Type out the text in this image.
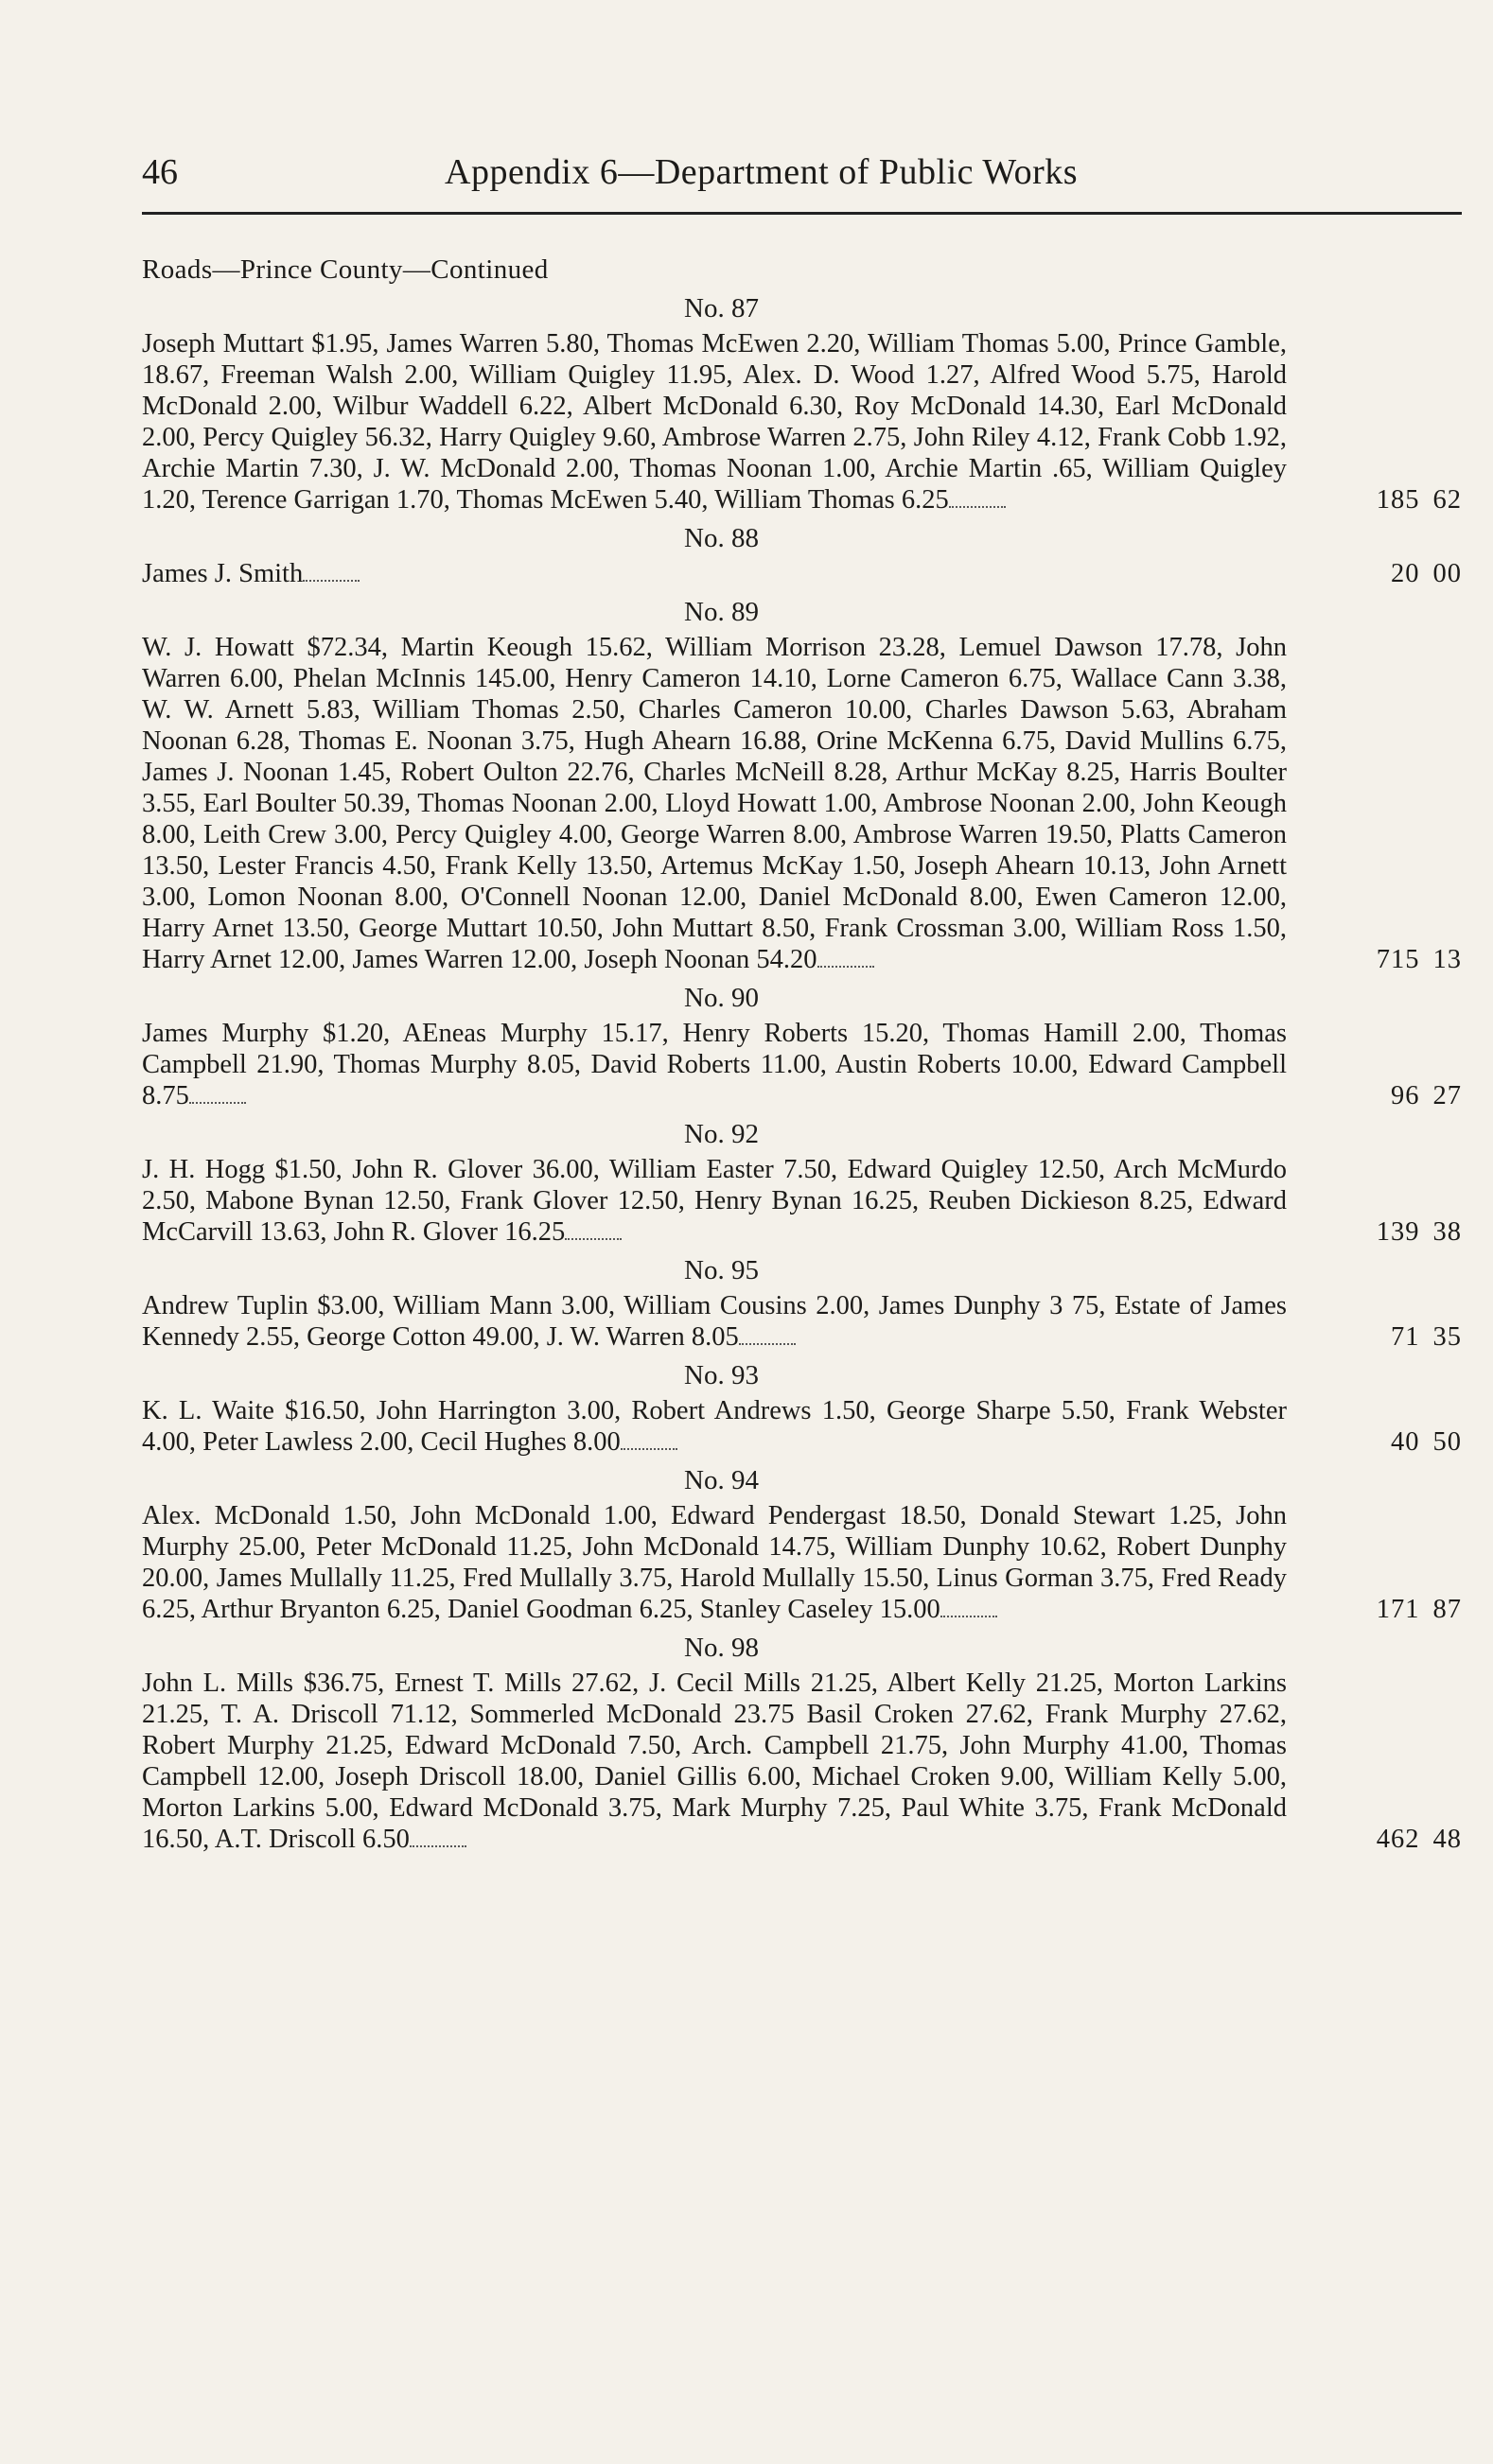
46	Appendix 6—Department of Public Works
Roads—Prince County—Continued
No. 87
Joseph Muttart $1.95, James Warren 5.80, Thomas McEwen 2.20, William Thomas 5.00, Prince Gamble, 18.67, Freeman Walsh 2.00, William Quigley 11.95, Alex. D. Wood 1.27, Alfred Wood 5.75, Harold McDonald 2.00, Wilbur Waddell 6.22, Albert McDonald 6.30, Roy McDonald 14.30, Earl McDonald 2.00, Percy Quigley 56.32, Harry Quigley 9.60, Ambrose Warren 2.75, John Riley 4.12, Frank Cobb 1.92, Archie Martin 7.30, J. W. McDonald 2.00, Thomas Noonan 1.00, Archie Martin .65, William Quigley 1.20, Terence Garrigan 1.70, Thomas McEwen 5.40, William Thomas 6.25	185 62
No. 88
James J. Smith	20 00
No. 89
W. J. Howatt $72.34, Martin Keough 15.62, William Morrison 23.28, Lemuel Dawson 17.78, John Warren 6.00, Phelan McInnis 145.00, Henry Cameron 14.10, Lorne Cameron 6.75, Wallace Cann 3.38, W. W. Arnett 5.83, William Thomas 2.50, Charles Cameron 10.00, Charles Dawson 5.63, Abraham Noonan 6.28, Thomas E. Noonan 3.75, Hugh Ahearn 16.88, Orine McKenna 6.75, David Mullins 6.75, James J. Noonan 1.45, Robert Oulton 22.76, Charles McNeill 8.28, Arthur McKay 8.25, Harris Boulter 3.55, Earl Boulter 50.39, Thomas Noonan 2.00, Lloyd Howatt 1.00, Ambrose Noonan 2.00, John Keough 8.00, Leith Crew 3.00, Percy Quigley 4.00, George Warren 8.00, Ambrose Warren 19.50, Platts Cameron 13.50, Lester Francis 4.50, Frank Kelly 13.50, Artemus McKay 1.50, Joseph Ahearn 10.13, John Arnett 3.00, Lomon Noonan 8.00, O'Connell Noonan 12.00, Daniel McDonald 8.00, Ewen Cameron 12.00, Harry Arnet 13.50, George Muttart 10.50, John Muttart 8.50, Frank Crossman 3.00, William Ross 1.50, Harry Arnet 12.00, James Warren 12.00, Joseph Noonan 54.20	715 13
No. 90
James Murphy $1.20, AEneas Murphy 15.17, Henry Roberts 15.20, Thomas Hamill 2.00, Thomas Campbell 21.90, Thomas Murphy 8.05, David Roberts 11.00, Austin Roberts 10.00, Edward Campbell 8.75	96 27
No. 92
J. H. Hogg $1.50, John R. Glover 36.00, William Easter 7.50, Edward Quigley 12.50, Arch McMurdo 2.50, Mabone Bynan 12.50, Frank Glover 12.50, Henry Bynan 16.25, Reuben Dickieson 8.25, Edward McCarvill 13.63, John R. Glover 16.25	139 38
No. 95
Andrew Tuplin $3.00, William Mann 3.00, William Cousins 2.00, James Dunphy 3 75, Estate of James Kennedy 2.55, George Cotton 49.00, J. W. Warren 8.05	71 35
No. 93
K. L. Waite $16.50, John Harrington 3.00, Robert Andrews 1.50, George Sharpe 5.50, Frank Webster 4.00, Peter Lawless 2.00, Cecil Hughes 8.00	40 50
No. 94
Alex. McDonald 1.50, John McDonald 1.00, Edward Pendergast 18.50, Donald Stewart 1.25, John Murphy 25.00, Peter McDonald 11.25, John McDonald 14.75, William Dunphy 10.62, Robert Dunphy 20.00, James Mullally 11.25, Fred Mullally 3.75, Harold Mullally 15.50, Linus Gorman 3.75, Fred Ready 6.25, Arthur Bryanton 6.25, Daniel Goodman 6.25, Stanley Caseley 15.00	171 87
No. 98
John L. Mills $36.75, Ernest T. Mills 27.62, J. Cecil Mills 21.25, Albert Kelly 21.25, Morton Larkins 21.25, T. A. Driscoll 71.12, Sommerled McDonald 23.75 Basil Croken 27.62, Frank Murphy 27.62, Robert Murphy 21.25, Edward McDonald 7.50, Arch. Campbell 21.75, John Murphy 41.00, Thomas Campbell 12.00, Joseph Driscoll 18.00, Daniel Gillis 6.00, Michael Croken 9.00, William Kelly 5.00, Morton Larkins 5.00, Edward McDonald 3.75, Mark Murphy 7.25, Paul White 3.75, Frank McDonald 16.50, A.T. Driscoll 6.50	462 48
